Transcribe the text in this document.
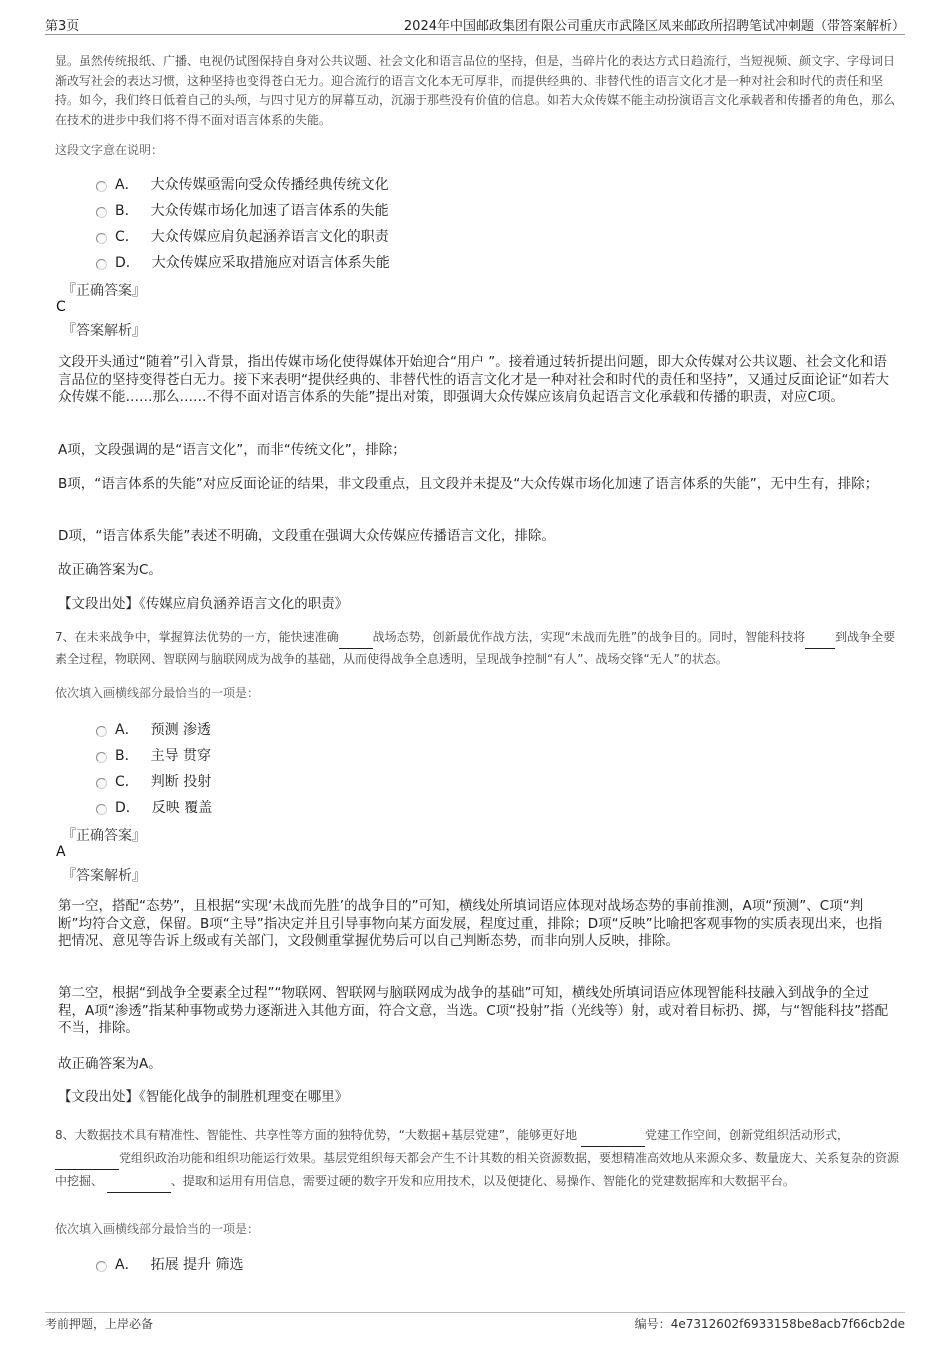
第3页	2024年中国邮政集团有限公司重庆市武隆区凤来邮政所招聘笔试冲刺题（带答案解析）
显。虽然传统报纸、广播、电视仍试图保持自身对公共议题、社会文化和语言品位的坚持，但是，当碎片化的表达方式日趋流行，当短视频、颜文字、字母词日渐改写社会的表达习惯，这种坚持也变得苍白无力。迎合流行的语言文化本无可厚非，而提供经典的、非替代性的语言文化才是一种对社会和时代的责任和坚持。如今，我们终日低着自己的头颅，与四寸见方的屏幕互动，沉溺于那些没有价值的信息。如若大众传媒不能主动扮演语言文化承载者和传播者的角色，那么在技术的进步中我们将不得不面对语言体系的失能。
这段文字意在说明：
A． 大众传媒亟需向受众传播经典传统文化
B． 大众传媒市场化加速了语言体系的失能
C． 大众传媒应肩负起涵养语言文化的职责
D． 大众传媒应采取措施应对语言体系失能
『正确答案』
C
『答案解析』
文段开头通过“随着”引入背景，指出传媒市场化使得媒体开始迎合“用户 ”。接着通过转折提出问题，即大众传媒对公共议题、社会文化和语言品位的坚持变得苍白无力。接下来表明“提供经典的、非替代性的语言文化才是一种对社会和时代的责任和坚持”，又通过反面论证“如若大众传媒不能……那么……不得不面对语言体系的失能”提出对策，即强调大众传媒应该肩负起语言文化承载和传播的职责，对应C项。
A项，文段强调的是“语言文化”，而非“传统文化”，排除；
B项，“语言体系的失能”对应反面论证的结果，非文段重点，且文段并未提及“大众传媒市场化加速了语言体系的失能”，无中生有，排除；
D项，“语言体系失能”表述不明确，文段重在强调大众传媒应传播语言文化，排除。
故正确答案为C。
【文段出处】《传媒应肩负涵养语言文化的职责》
7、在未来战争中，掌握算法优势的一方，能快速准确	战场态势，创新最优作战方法，实现“未战而先胜”的战争目的。同时，智能科技将	到战争全要素全过程，物联网、智联网与脑联网成为战争的基础，从而使得战争全息透明，呈现战争控制“有人”、战场交锋“无人”的状态。
依次填入画横线部分最恰当的一项是：
A． 预测 渗透
B． 主导 贯穿
C． 判断 投射
D． 反映 覆盖
『正确答案』
A
『答案解析』
第一空，搭配“态势”，且根据“实现‘未战而先胜’的战争目的”可知，横线处所填词语应体现对战场态势的事前推测，A项“预测”、C项“判断”均符合文意，保留。B项“主导”指决定并且引导事物向某方面发展，程度过重，排除；D项“反映”比喻把客观事物的实质表现出来，也指把情况、意见等告诉上级或有关部门，文段侧重掌握优势后可以自己判断态势，而非向别人反映，排除。
第二空，根据“到战争全要素全过程”“物联网、智联网与脑联网成为战争的基础”可知，横线处所填词语应体现智能科技融入到战争的全过程，A项“渗透”指某种事物或势力逐渐进入其他方面，符合文意，当选。C项“投射”指（光线等）射，或对着目标扔、掷，与“智能科技”搭配不当，排除。
故正确答案为A。
【文段出处】《智能化战争的制胜机理变在哪里》
8、大数据技术具有精准性、智能性、共享性等方面的独特优势，“大数据+基层党建”，能够更好地	党建工作空间，创新党组织活动形式，  党组织政治功能和组织功能运行效果。基层党组织每天都会产生不计其数的相关资源数据，要想精准高效地从来源众多、数量庞大、关系复杂的资源中挖掘、	、提取和运用有用信息，需要过硬的数字开发和应用技术，以及便捷化、易操作、智能化的党建数据库和大数据平台。
依次填入画横线部分最恰当的一项是：
A． 拓展 提升 筛选
考前押题，上岸必备	编号：4e7312602f6933158be8acb7f66cb2de
